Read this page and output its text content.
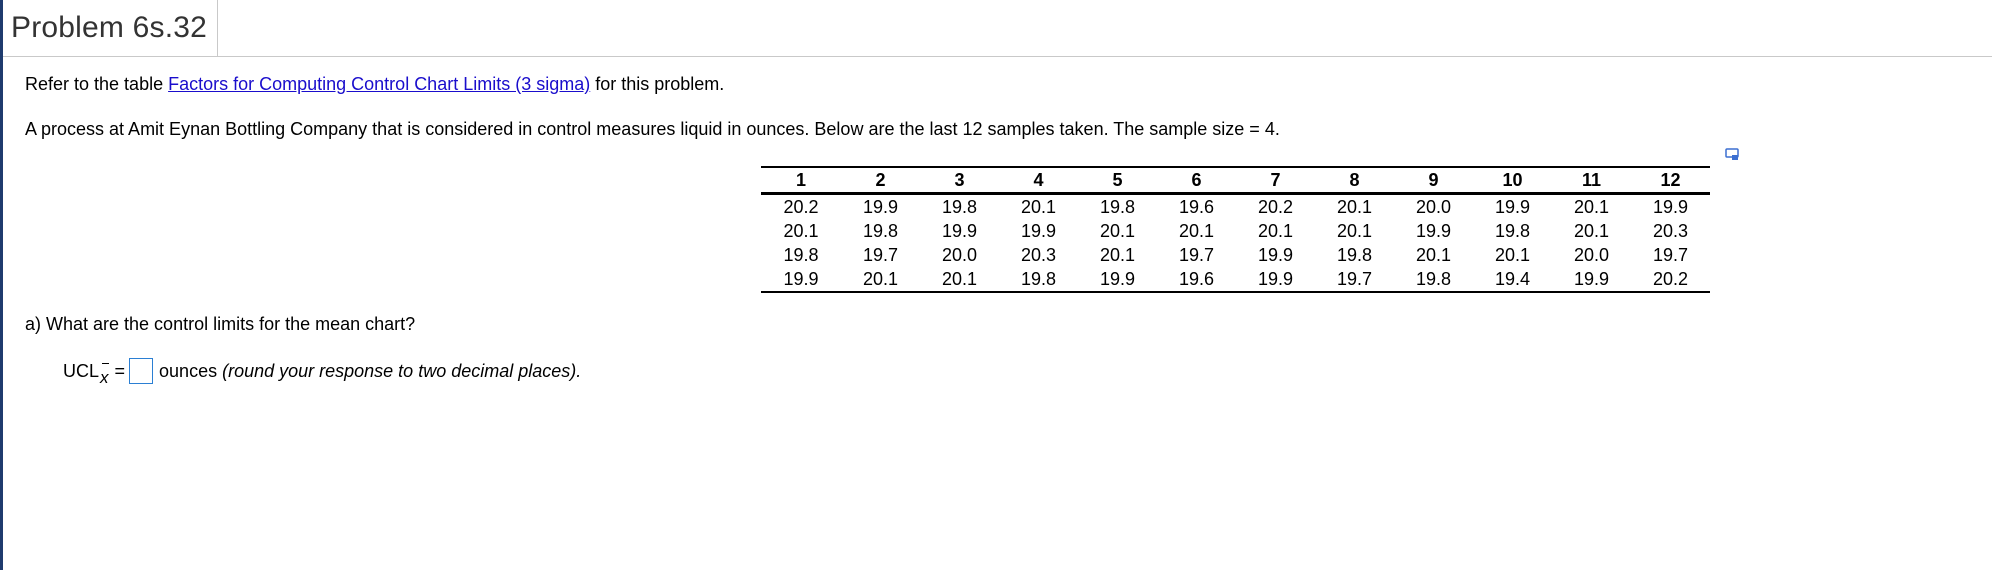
Problem 6s.32
Refer to the table Factors for Computing Control Chart Limits (3 sigma) for this problem.
A process at Amit Eynan Bottling Company that is considered in control measures liquid in ounces. Below are the last 12 samples taken. The sample size = 4.
1	2	3	4	5	6	7	8	9	10	11	12
20.2	19.9	19.8	20.1	19.8	19.6	20.2	20.1	20.0	19.9	20.1	19.9
20.1	19.8	19.9	19.9	20.1	20.1	20.1	20.1	19.9	19.8	20.1	20.3
19.8	19.7	20.0	20.3	20.1	19.7	19.9	19.8	20.1	20.1	20.0	19.7
19.9	20.1	20.1	19.8	19.9	19.6	19.9	19.7	19.8	19.4	19.9	20.2
a) What are the control limits for the mean chart?
UCL x = ounces (round your response to two decimal places).
